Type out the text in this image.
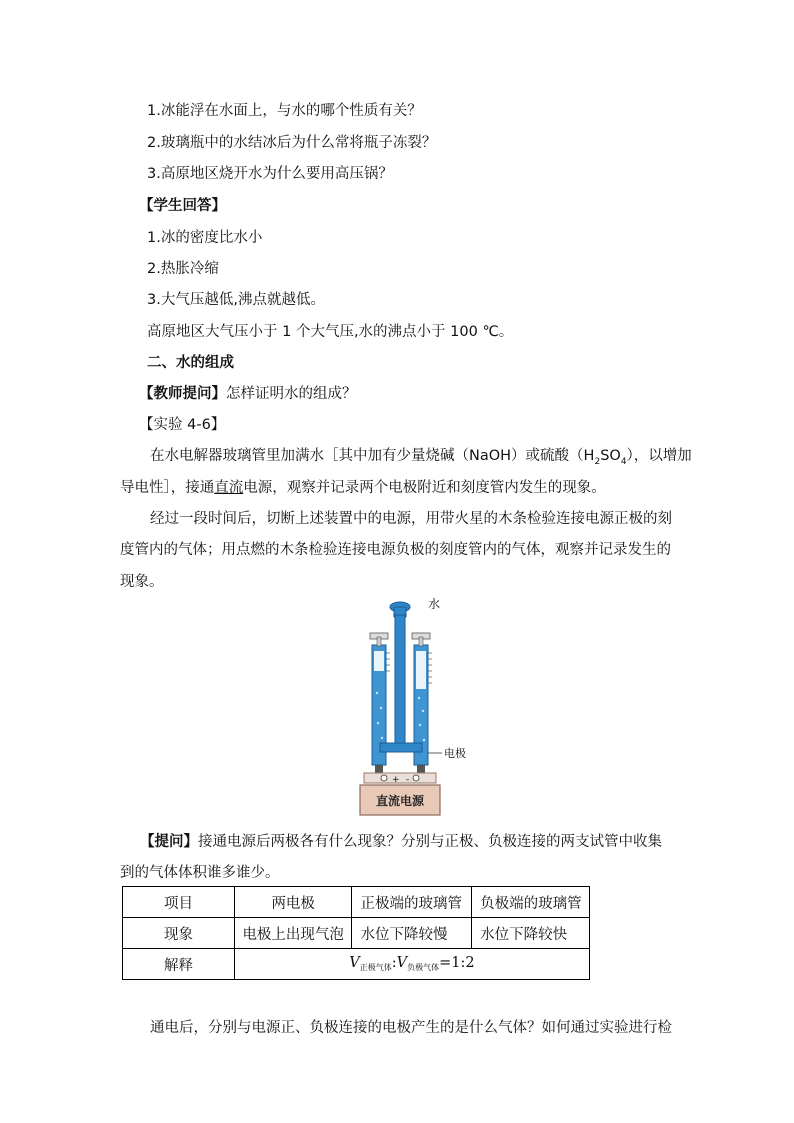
1.冰能浮在水面上，与水的哪个性质有关？
2.玻璃瓶中的水结冰后为什么常将瓶子冻裂？
3.高原地区烧开水为什么要用高压锅？
【学生回答】
1.冰的密度比水小
2.热胀冷缩
3.大气压越低,沸点就越低。
高原地区大气压小于 1 个大气压,水的沸点小于 100 ℃。
二、水的组成
【教师提问】怎样证明水的组成？
【实验 4-6】
在水电解器玻璃管里加满水［其中加有少量烧碱（NaOH）或硫酸$(H_2SO_4)$，以增加
导电性］，接通直流电源，观察并记录两个电极附近和刻度管内发生的现象。
经过一段时间后，切断上述装置中的电源，用带火星的木条检验连接电源正极的刻
度管内的气体；用点燃的木条检验连接电源负极的刻度管内的气体，观察并记录发生的
现象。
+ -
直流电源
水
电极
【提问】接通电源后两极各有什么现象？分别与正极、负极连接的两支试管中收集
到的气体体积谁多谁少。
项目	两电极	正极端的玻璃管	负极端的玻璃管
现象	电极上出现气泡	水位下降较慢	水位下降较快
解释	$V_{正极气体}:V_{负极气体}=1:2$		
通电后，分别与电源正、负极连接的电极产生的是什么气体？如何通过实验进行检
